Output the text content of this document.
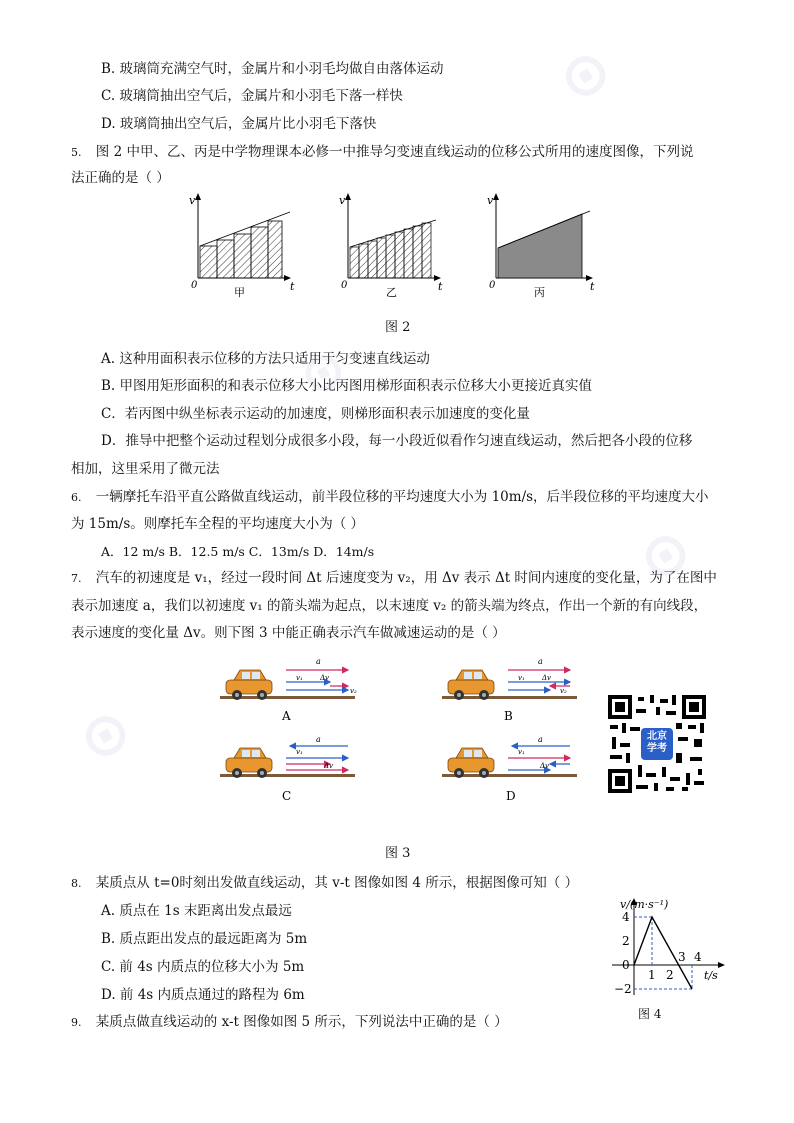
⊙
⊙
⊙
⊙
B. 玻璃筒充满空气时，金属片和小羽毛均做自由落体运动
C. 玻璃筒抽出空气后，金属片和小羽毛下落一样快
D. 玻璃筒抽出空气后，金属片比小羽毛下落快
5. 图 2 中甲、乙、丙是中学物理课本必修一中推导匀变速直线运动的位移公式所用的速度图像，下列说
法正确的是（ ）
v	v	v
0	0	0
t	t	t
甲	乙	丙
图 2
A. 这种用面积表示位移的方法只适用于匀变速直线运动
B. 甲图用矩形面积的和表示位移大小比丙图用梯形面积表示位移大小更接近真实值
C．若丙图中纵坐标表示运动的加速度，则梯形面积表示加速度的变化量
D．推导中把整个运动过程划分成很多小段，每一小段近似看作匀速直线运动，然后把各小段的位移
相加，这里采用了微元法
6. 一辆摩托车沿平直公路做直线运动，前半段位移的平均速度大小为 10m/s，后半段位移的平均速度大小
为 15m/s。则摩托车全程的平均速度大小为（ ）
A．12 m/s B．12.5 m/s C．13m/s D．14m/s
7. 汽车的初速度是 v₁，经过一段时间 Δt 后速度变为 v₂，用 Δv 表示 Δt 时间内速度的变化量，为了在图中
表示加速度 a，我们以初速度 v₁ 的箭头端为起点，以末速度 v₂ 的箭头端为终点，作出一个新的有向线段，
表示速度的变化量 Δv。则下图 3 中能正确表示汽车做减速运动的是（ ）
a	a
a	a
Δv	Δv
v₁
v₂
v₁
v₂
v₁
Δv
v₁
Δv
A	B
C	D
北京学考
图 3
8. 某质点从 t=0时刻出发做直线运动，其 v-t 图像如图 4 所示，根据图像可知（ ）
A. 质点在 1s 末距离出发点最远
B. 质点距出发点的最远距离为 5m
C. 前 4s 内质点的位移大小为 5m
D. 前 4s 内质点通过的路程为 6m
v/(m·s⁻¹)
t/s
4
2
0
−2
1 2
3 4
图 4
9. 某质点做直线运动的 x-t 图像如图 5 所示，下列说法中正确的是（ ）
